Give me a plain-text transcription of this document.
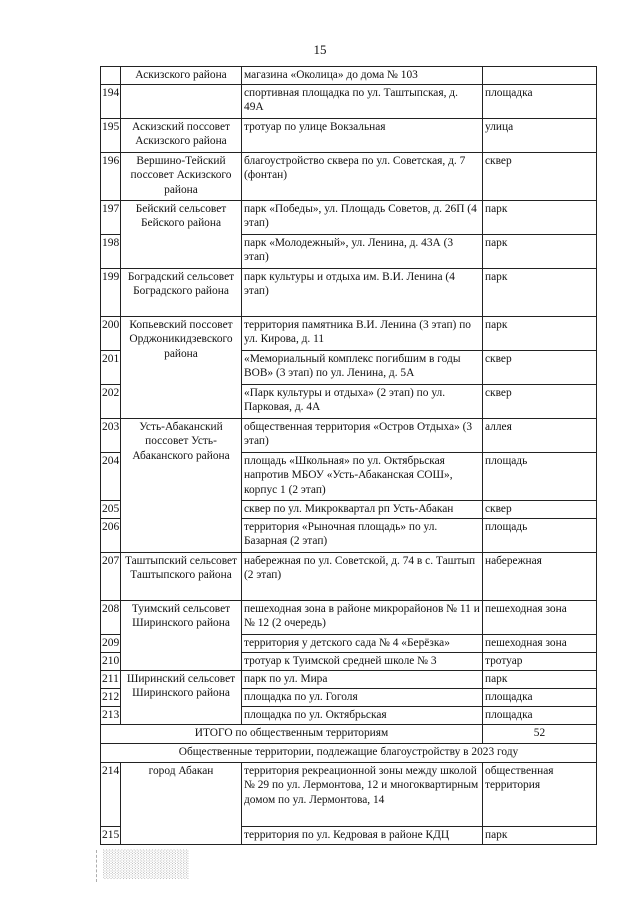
15
	Аскизского района	магазина «Околица» до дома № 103	
194		спортивная площадка по ул. Таштыпская, д. 49А	площадка
195	Аскизский поссовет Аскизского района	тротуар по улице Вокзальная	улица
196	Вершино-Тейский поссовет Аскизского района	благоустройство сквера по ул. Советская, д. 7 (фонтан)	сквер
197	Бейский сельсовет Бейского района	парк «Победы», ул. Площадь Советов, д. 26П (4 этап)	парк
198		парк «Молодежный», ул. Ленина, д. 43А (3 этап)	парк
199	Боградский сельсовет Боградского района	парк культуры и отдыха им. В.И. Ленина (4 этап)	парк
200	Копьевский поссовет Орджоникидзевского района	территория памятника В.И. Ленина (3 этап) по ул. Кирова, д. 11	парк
201		«Мемориальный комплекс погибшим в годы ВОВ» (3 этап) по ул. Ленина, д. 5А	сквер
202		«Парк культуры и отдыха» (2 этап) по ул. Парковая, д. 4А	сквер
203	Усть-Абаканский поссовет Усть-Абаканского района	общественная территория «Остров Отдыха» (3 этап)	аллея
204		площадь «Школьная» по ул. Октябрьская напротив МБОУ «Усть-Абаканская СОШ», корпус 1 (2 этап)	площадь
205		сквер по ул. Микроквартал рп Усть-Абакан	сквер
206		территория «Рыночная площадь» по ул. Базарная (2 этап)	площадь
207	Таштыпский сельсовет Таштыпского района	набережная по ул. Советской, д. 74 в с. Таштып (2 этап)	набережная
208	Туимский сельсовет Ширинского района	пешеходная зона в районе микрорайонов № 11 и № 12 (2 очередь)	пешеходная зона
209		территория у детского сада № 4 «Берёзка»	пешеходная зона
210		тротуар к Туимской средней школе № 3	тротуар
211	Ширинский сельсовет Ширинского района	парк по ул. Мира	парк
212		площадка по ул. Гоголя	площадка
213		площадка по ул. Октябрьская	площадка
ИТОГО по общественным территориям			52
Общественные территории, подлежащие благоустройству в 2023 году			
214	город Абакан	территория рекреационной зоны между школой № 29 по ул. Лермонтова, 12 и многоквартирным домом по ул. Лермонтова, 14	общественная территория
215		территория по ул. Кедровая в районе КДЦ	парк
░░░░░░░░░░░░░░
░░░░░░░░░░░░░░
░░░░░░░░░░░░░░
